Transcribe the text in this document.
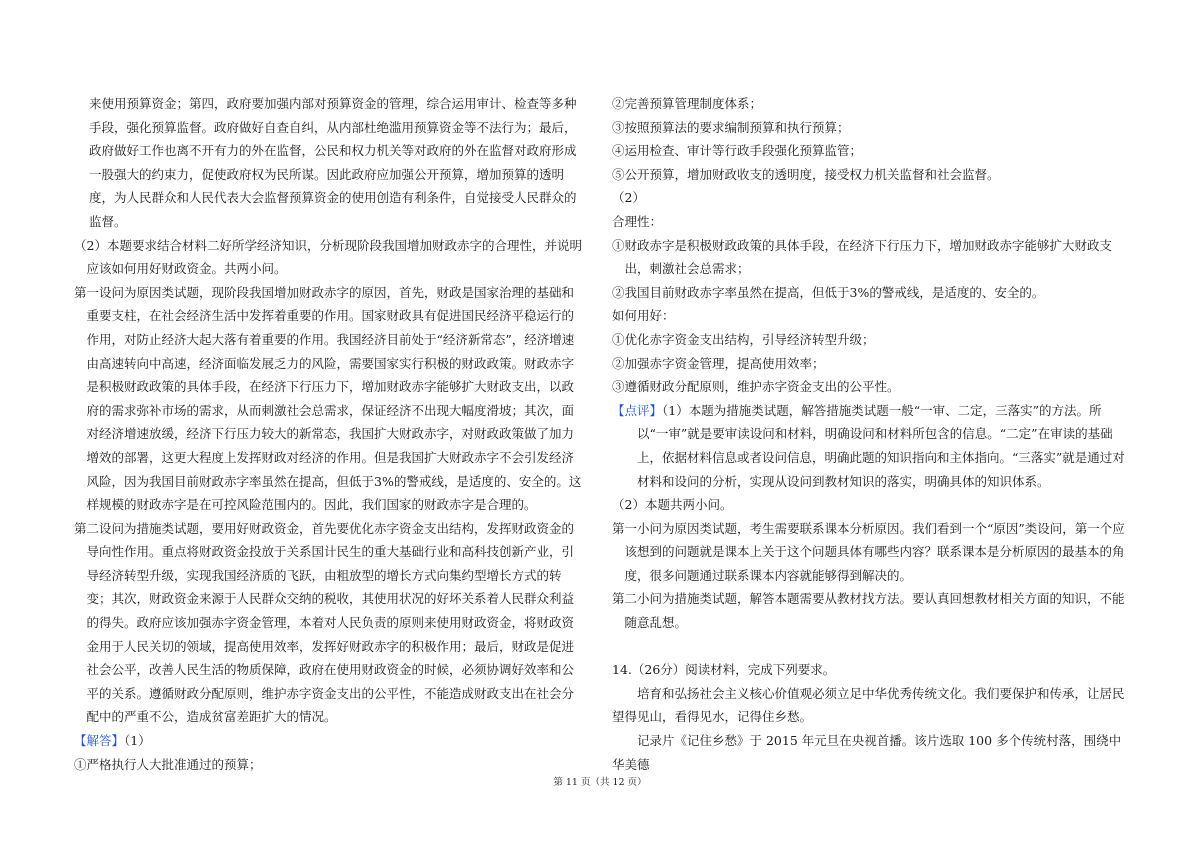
来使用预算资金；第四，政府要加强内部对预算资金的管理，综合运用审计、检查等多种手段，强化预算监督。政府做好自查自纠，从内部杜绝滥用预算资金等不法行为；最后，政府做好工作也离不开有力的外在监督，公民和权力机关等对政府的外在监督对政府形成一股强大的约束力，促使政府权为民所谋。因此政府应加强公开预算，增加预算的透明度，为人民群众和人民代表大会监督预算资金的使用创造有利条件，自觉接受人民群众的监督。

（2）本题要求结合材料二好所学经济知识，分析现阶段我国增加财政赤字的合理性，并说明应该如何用好财政资金。共两小问。

第一设问为原因类试题，现阶段我国增加财政赤字的原因，首先，财政是国家治理的基础和重要支柱，在社会经济生活中发挥着重要的作用。国家财政具有促进国民经济平稳运行的作用，对防止经济大起大落有着重要的作用。我国经济目前处于“经济新常态”，经济增速由高速转向中高速，经济面临发展乏力的风险，需要国家实行积极的财政政策。财政赤字是积极财政政策的具体手段，在经济下行压力下，增加财政赤字能够扩大财政支出，以政府的需求弥补市场的需求，从而刺激社会总需求，保证经济不出现大幅度滑坡；其次，面对经济增速放缓，经济下行压力较大的新常态，我国扩大财政赤字，对财政政策做了加力增效的部署，这更大程度上发挥财政对经济的作用。但是我国扩大财政赤字不会引发经济风险，因为我国目前财政赤字率虽然在提高，但低于3%的警戒线，是适度的、安全的。这样规模的财政赤字是在可控风险范围内的。因此，我们国家的财政赤字是合理的。

第二设问为措施类试题，要用好财政资金，首先要优化赤字资金支出结构，发挥财政资金的导向性作用。重点将财政资金投放于关系国计民生的重大基础行业和高科技创新产业，引导经济转型升级，实现我国经济质的飞跃，由粗放型的增长方式向集约型增长方式的转变；其次，财政资金来源于人民群众交纳的税收，其使用状况的好坏关系着人民群众利益的得失。政府应该加强赤字资金管理，本着对人民负责的原则来使用财政资金，将财政资金用于人民关切的领域，提高使用效率，发挥好财政赤字的积极作用；最后，财政是促进社会公平，改善人民生活的物质保障，政府在使用财政资金的时候，必须协调好效率和公平的关系。遵循财政分配原则，维护赤字资金支出的公平性，不能造成财政支出在社会分配中的严重不公，造成贫富差距扩大的情况。

【解答】（1）

①严格执行人大批准通过的预算；

②完善预算管理制度体系；

③按照预算法的要求编制预算和执行预算；

④运用检查、审计等行政手段强化预算监管；

⑤公开预算，增加财政收支的透明度，接受权力机关监督和社会监督。

（2）

合理性：

①财政赤字是积极财政政策的具体手段，在经济下行压力下，增加财政赤字能够扩大财政支出，刺激社会总需求；

②我国目前财政赤字率虽然在提高，但低于3%的警戒线，是适度的、安全的。

如何用好：

①优化赤字资金支出结构，引导经济转型升级；

②加强赤字资金管理，提高使用效率；

③遵循财政分配原则，维护赤字资金支出的公平性。

【点评】（1）本题为措施类试题，解答措施类试题一般“一审、二定，三落实”的方法。所以“一审”就是要审读设问和材料，明确设问和材料所包含的信息。“二定”在审读的基础上，依据材料信息或者设问信息，明确此题的知识指向和主体指向。“三落实”就是通过对材料和设问的分析，实现从设问到教材知识的落实，明确具体的知识体系。

（2）本题共两小问。

第一小问为原因类试题，考生需要联系课本分析原因。我们看到一个“原因”类设问，第一个应该想到的问题就是课本上关于这个问题具体有哪些内容？联系课本是分析原因的最基本的角度，很多问题通过联系课本内容就能够得到解决的。

第二小问为措施类试题，解答本题需要从教材找方法。要认真回想教材相关方面的知识，不能随意乱想。

14.（26分）阅读材料，完成下列要求。

培育和弘扬社会主义核心价值观必须立足中华优秀传统文化。我们要保护和传承，让居民望得见山，看得见水，记得住乡愁。

记录片《记住乡愁》于 2015 年元旦在央视首播。该片选取 100 多个传统村落，围绕中华美德

第 11 页（共 12 页）
